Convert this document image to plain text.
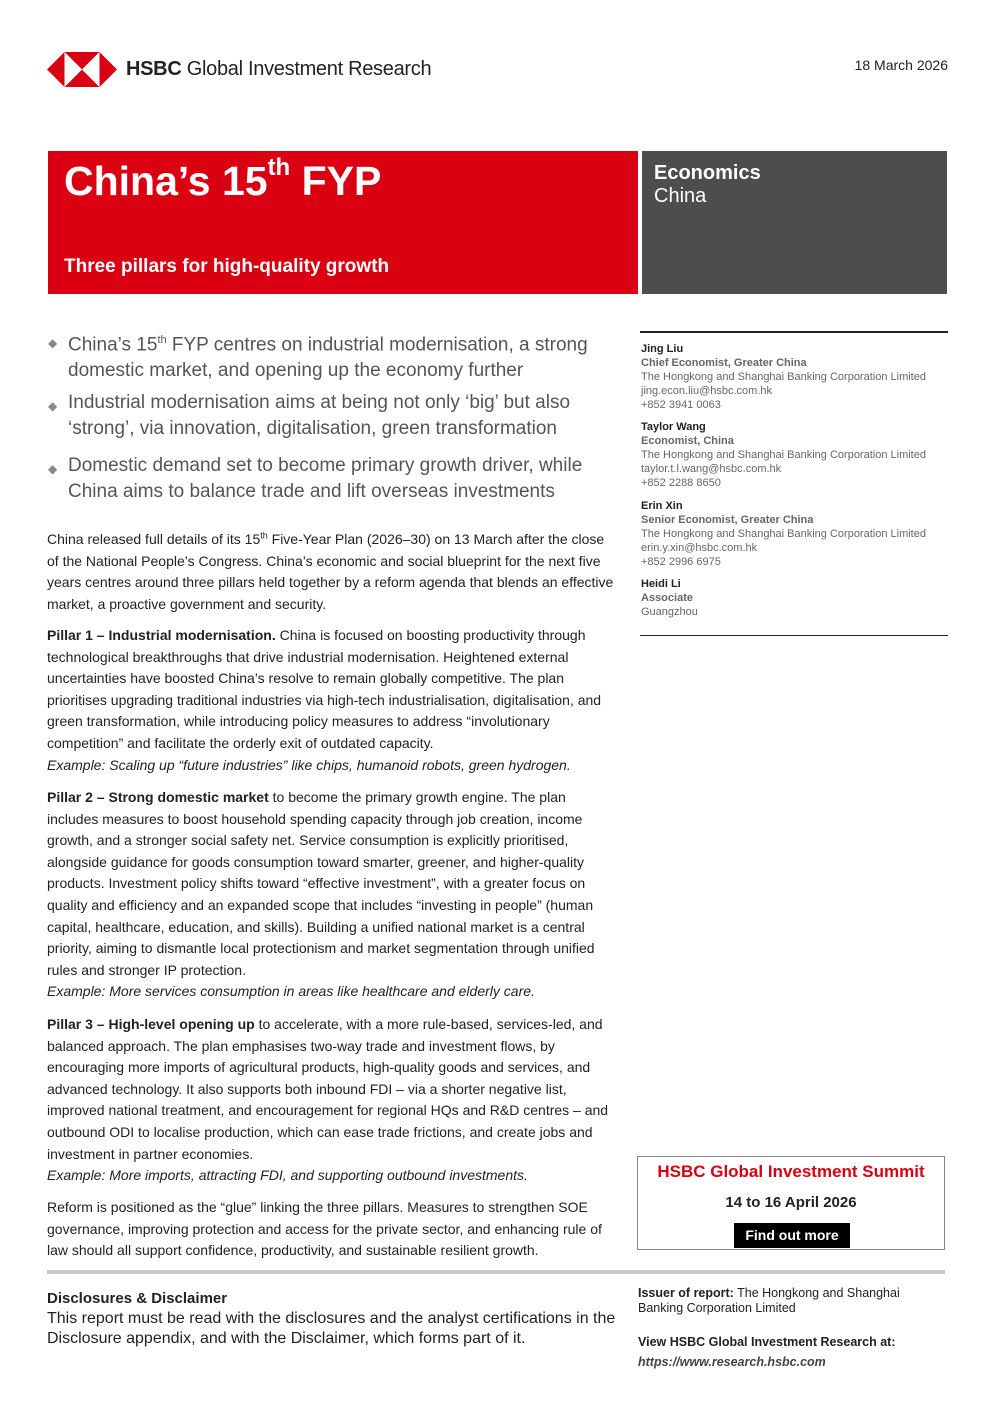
HSBC Global Investment Research	18 March 2026
China’s 15th FYP
Three pillars for high-quality growth
Economics
China
◆ China’s 15th FYP centres on industrial modernisation, a strong domestic market, and opening up the economy further
◆ Industrial modernisation aims at being not only ‘big’ but also ‘strong’, via innovation, digitalisation, green transformation
◆ Domestic demand set to become primary growth driver, while China aims to balance trade and lift overseas investments
China released full details of its 15th Five-Year Plan (2026–30) on 13 March after the close of the National People’s Congress. China’s economic and social blueprint for the next five years centres around three pillars held together by a reform agenda that blends an effective market, a proactive government and security.
Pillar 1 – Industrial modernisation. China is focused on boosting productivity through technological breakthroughs that drive industrial modernisation. Heightened external uncertainties have boosted China’s resolve to remain globally competitive. The plan prioritises upgrading traditional industries via high-tech industrialisation, digitalisation, and green transformation, while introducing policy measures to address “involutionary competition” and facilitate the orderly exit of outdated capacity.
Example: Scaling up “future industries” like chips, humanoid robots, green hydrogen.
Pillar 2 – Strong domestic market to become the primary growth engine. The plan includes measures to boost household spending capacity through job creation, income growth, and a stronger social safety net. Service consumption is explicitly prioritised, alongside guidance for goods consumption toward smarter, greener, and higher-quality products. Investment policy shifts toward “effective investment”, with a greater focus on quality and efficiency and an expanded scope that includes “investing in people” (human capital, healthcare, education, and skills). Building a unified national market is a central priority, aiming to dismantle local protectionism and market segmentation through unified rules and stronger IP protection.
Example: More services consumption in areas like healthcare and elderly care.
Pillar 3 – High-level opening up to accelerate, with a more rule-based, services-led, and balanced approach. The plan emphasises two-way trade and investment flows, by encouraging more imports of agricultural products, high-quality goods and services, and advanced technology. It also supports both inbound FDI – via a shorter negative list, improved national treatment, and encouragement for regional HQs and R&D centres – and outbound ODI to localise production, which can ease trade frictions, and create jobs and investment in partner economies.
Example: More imports, attracting FDI, and supporting outbound investments.
Reform is positioned as the “glue” linking the three pillars. Measures to strengthen SOE governance, improving protection and access for the private sector, and enhancing rule of law should all support confidence, productivity, and sustainable resilient growth.
Jing Liu
Chief Economist, Greater China
The Hongkong and Shanghai Banking Corporation Limited
jing.econ.liu@hsbc.com.hk
+852 3941 0063
Taylor Wang
Economist, China
The Hongkong and Shanghai Banking Corporation Limited
taylor.t.l.wang@hsbc.com.hk
+852 2288 8650
Erin Xin
Senior Economist, Greater China
The Hongkong and Shanghai Banking Corporation Limited
erin.y.xin@hsbc.com.hk
+852 2996 6975
Heidi Li
Associate
Guangzhou
HSBC Global Investment Summit
14 to 16 April 2026
Find out more
Disclosures & Disclaimer
This report must be read with the disclosures and the analyst certifications in the Disclosure appendix, and with the Disclaimer, which forms part of it.
Issuer of report: The Hongkong and Shanghai Banking Corporation Limited
View HSBC Global Investment Research at:
https://www.research.hsbc.com
